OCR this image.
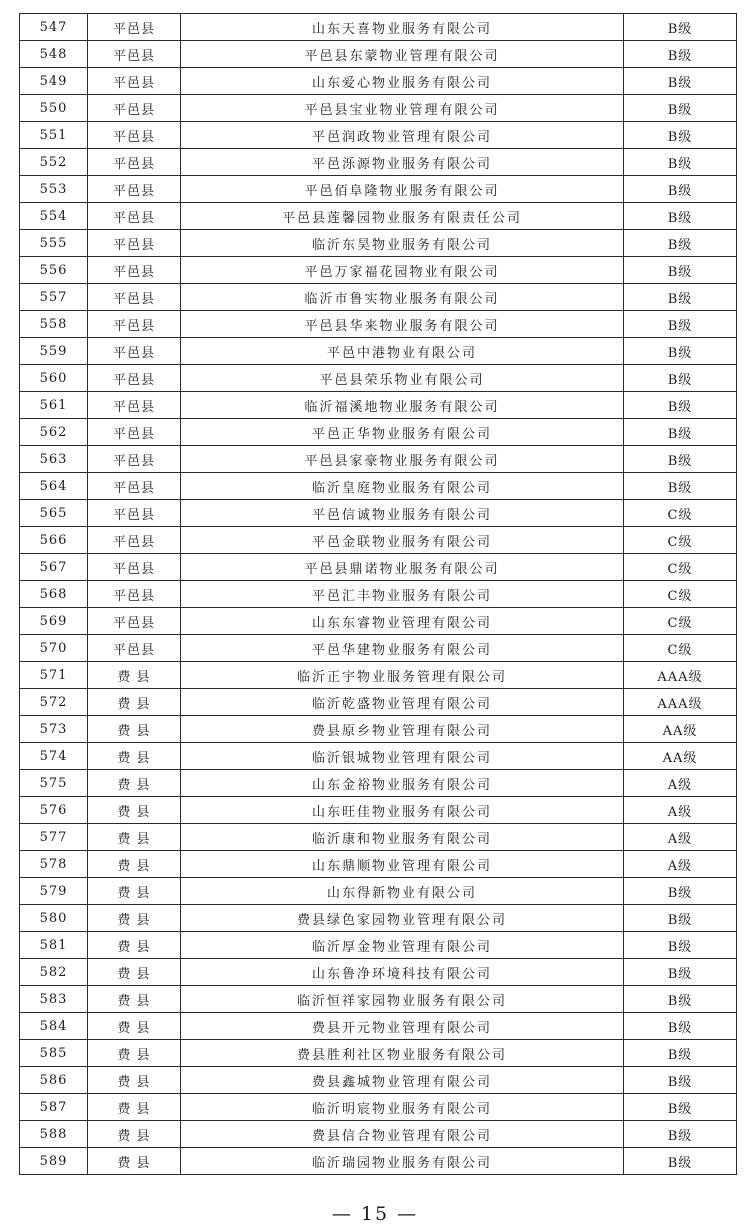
547	平邑县	山东天喜物业服务有限公司	B级
548	平邑县	平邑县东蒙物业管理有限公司	B级
549	平邑县	山东爱心物业服务有限公司	B级
550	平邑县	平邑县宝业物业管理有限公司	B级
551	平邑县	平邑润政物业管理有限公司	B级
552	平邑县	平邑泺源物业服务有限公司	B级
553	平邑县	平邑佰阜隆物业服务有限公司	B级
554	平邑县	平邑县莲馨园物业服务有限责任公司	B级
555	平邑县	临沂东昊物业服务有限公司	B级
556	平邑县	平邑万家福花园物业有限公司	B级
557	平邑县	临沂市鲁实物业服务有限公司	B级
558	平邑县	平邑县华来物业服务有限公司	B级
559	平邑县	平邑中港物业有限公司	B级
560	平邑县	平邑县荣乐物业有限公司	B级
561	平邑县	临沂福溪地物业服务有限公司	B级
562	平邑县	平邑正华物业服务有限公司	B级
563	平邑县	平邑县家豪物业服务有限公司	B级
564	平邑县	临沂皇庭物业服务有限公司	B级
565	平邑县	平邑信诚物业服务有限公司	C级
566	平邑县	平邑金联物业服务有限公司	C级
567	平邑县	平邑县鼎诺物业服务有限公司	C级
568	平邑县	平邑汇丰物业服务有限公司	C级
569	平邑县	山东东睿物业管理有限公司	C级
570	平邑县	平邑华建物业服务有限公司	C级
571	费 县	临沂正宇物业服务管理有限公司	AAA级
572	费 县	临沂乾盛物业管理有限公司	AAA级
573	费 县	费县原乡物业管理有限公司	AA级
574	费 县	临沂银城物业管理有限公司	AA级
575	费 县	山东金裕物业服务有限公司	A级
576	费 县	山东旺佳物业服务有限公司	A级
577	费 县	临沂康和物业服务有限公司	A级
578	费 县	山东鼎顺物业管理有限公司	A级
579	费 县	山东得新物业有限公司	B级
580	费 县	费县绿色家园物业管理有限公司	B级
581	费 县	临沂厚金物业管理有限公司	B级
582	费 县	山东鲁净环境科技有限公司	B级
583	费 县	临沂恒祥家园物业服务有限公司	B级
584	费 县	费县开元物业管理有限公司	B级
585	费 县	费县胜利社区物业服务有限公司	B级
586	费 县	费县鑫城物业管理有限公司	B级
587	费 县	临沂明宸物业服务有限公司	B级
588	费 县	费县信合物业管理有限公司	B级
589	费 县	临沂瑞园物业服务有限公司	B级
— 15 —
